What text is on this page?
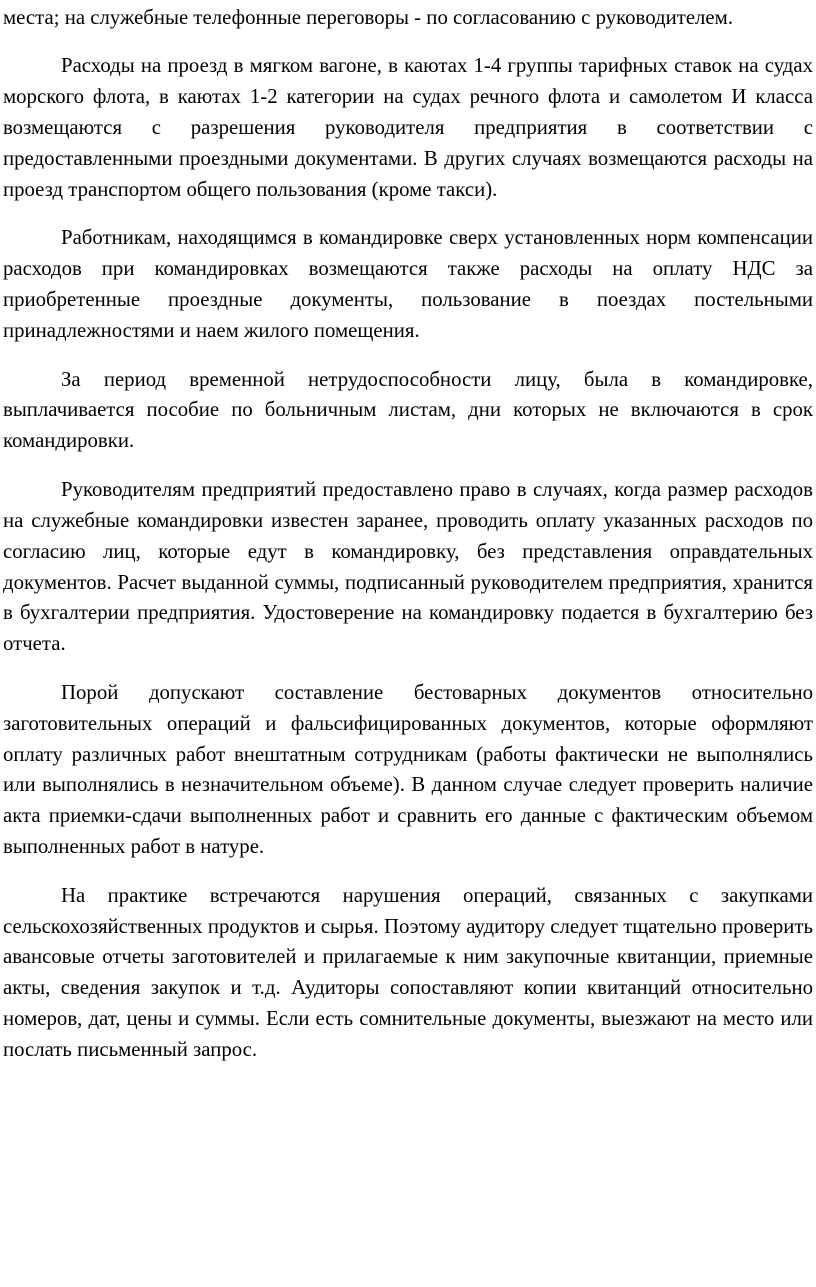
места; на служебные телефонные переговоры - по согласованию с руководителем.

Расходы на проезд в мягком вагоне, в каютах 1-4 группы тарифных ставок на судах морского флота, в каютах 1-2 категории на судах речного флота и самолетом И класса возмещаются с разрешения руководителя предприятия в соответствии с предоставленными проездными документами. В других случаях возмещаются расходы на проезд транспортом общего пользования (кроме такси).

Работникам, находящимся в командировке сверх установленных норм компенсации расходов при командировках возмещаются также расходы на оплату НДС за приобретенные проездные документы, пользование в поездах постельными принадлежностями и наем жилого помещения.

За период временной нетрудоспособности лицу, была в командировке, выплачивается пособие по больничным листам, дни которых не включаются в срок командировки.

Руководителям предприятий предоставлено право в случаях, когда размер расходов на служебные командировки известен заранее, проводить оплату указанных расходов по согласию лиц, которые едут в командировку, без представления оправдательных документов. Расчет выданной суммы, подписанный руководителем предприятия, хранится в бухгалтерии предприятия. Удостоверение на командировку подается в бухгалтерию без отчета.

Порой допускают составление бестоварных документов относительно заготовительных операций и фальсифицированных документов, которые оформляют оплату различных работ внештатным сотрудникам (работы фактически не выполнялись или выполнялись в незначительном объеме). В данном случае следует проверить наличие акта приемки-сдачи выполненных работ и сравнить его данные с фактическим объемом выполненных работ в натуре.

На практике встречаются нарушения операций, связанных с закупками сельскохозяйственных продуктов и сырья. Поэтому аудитору следует тщательно проверить авансовые отчеты заготовителей и прилагаемые к ним закупочные квитанции, приемные акты, сведения закупок и т.д. Аудиторы сопоставляют копии квитанций относительно номеров, дат, цены и суммы. Если есть сомнительные документы, выезжают на место или послать письменный запрос.
